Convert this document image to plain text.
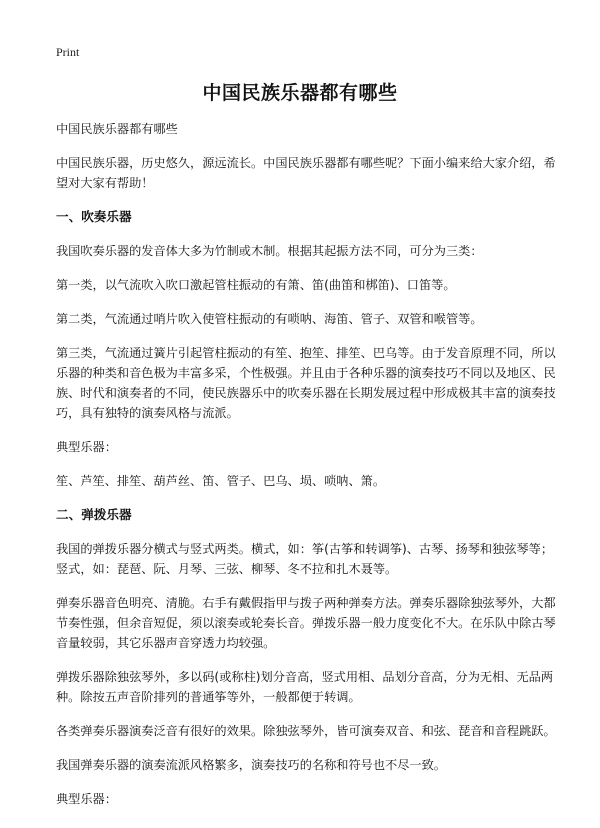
Print
中国民族乐器都有哪些

中国民族乐器都有哪些

中国民族乐器，历史悠久，源远流长。中国民族乐器都有哪些呢？下面小编来给大家介绍，希望对大家有帮助！

一、吹奏乐器

我国吹奏乐器的发音体大多为竹制或木制。根据其起振方法不同，可分为三类：

第一类，以气流吹入吹口激起管柱振动的有箫、笛(曲笛和梆笛)、口笛等。

第二类，气流通过哨片吹入使管柱振动的有唢呐、海笛、管子、双管和喉管等。

第三类，气流通过簧片引起管柱振动的有笙、抱笙、排笙、巴乌等。由于发音原理不同，所以乐器的种类和音色极为丰富多采，个性极强。并且由于各种乐器的演奏技巧不同以及地区、民族、时代和演奏者的不同，使民族器乐中的吹奏乐器在长期发展过程中形成极其丰富的演奏技巧，具有独特的演奏风格与流派。

典型乐器：

笙、芦笙、排笙、葫芦丝、笛、管子、巴乌、埙、唢呐、箫。

二、弹拨乐器

我国的弹拨乐器分横式与竖式两类。横式，如：筝(古筝和转调筝)、古琴、扬琴和独弦琴等；竖式，如：琵琶、阮、月琴、三弦、柳琴、冬不拉和扎木聂等。

弹奏乐器音色明亮、清脆。右手有戴假指甲与拨子两种弹奏方法。弹奏乐器除独弦琴外，大都节奏性强，但余音短促，须以滚奏或轮奏长音。弹拨乐器一般力度变化不大。在乐队中除古琴音量较弱，其它乐器声音穿透力均较强。

弹拨乐器除独弦琴外，多以码(或称柱)划分音高，竖式用相、品划分音高，分为无相、无品两种。除按五声音阶排列的普通筝等外，一般都便于转调。

各类弹奏乐器演奏泛音有很好的效果。除独弦琴外，皆可演奏双音、和弦、琵音和音程跳跃。

我国弹奏乐器的演奏流派风格繁多，演奏技巧的名称和符号也不尽一致。

典型乐器：
